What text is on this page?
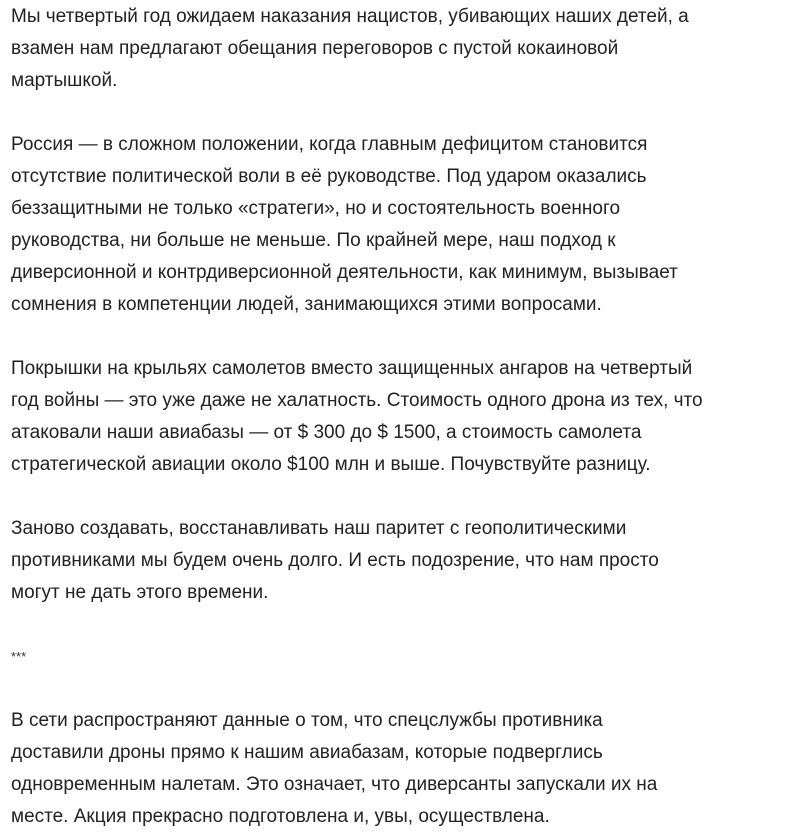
Мы четвертый год ожидаем наказания нацистов, убивающих наших детей, а
взамен нам предлагают обещания переговоров с пустой кокаиновой
мартышкой.

Россия — в сложном положении, когда главным дефицитом становится
отсутствие политической воли в её руководстве. Под ударом оказались
беззащитными не только «стратеги», но и состоятельность военного
руководства, ни больше не меньше. По крайней мере, наш подход к
диверсионной и контрдиверсионной деятельности, как минимум, вызывает
сомнения в компетенции людей, занимающихся этими вопросами.

Покрышки на крыльях самолетов вместо защищенных ангаров на четвертый
год войны — это уже даже не халатность. Стоимость одного дрона из тех, что
атаковали наши авиабазы — от $ 300 до $ 1500, а стоимость самолета
стратегической авиации около $100 млн и выше. Почувствуйте разницу.

Заново создавать, восстанавливать наш паритет с геополитическими
противниками мы будем очень долго. И есть подозрение, что нам просто
могут не дать этого времени.

***

В сети распространяют данные о том, что спецслужбы противника
доставили дроны прямо к нашим авиабазам, которые подверглись
одновременным налетам. Это означает, что диверсанты запускали их на
месте. Акция прекрасно подготовлена и, увы, осуществлена.
